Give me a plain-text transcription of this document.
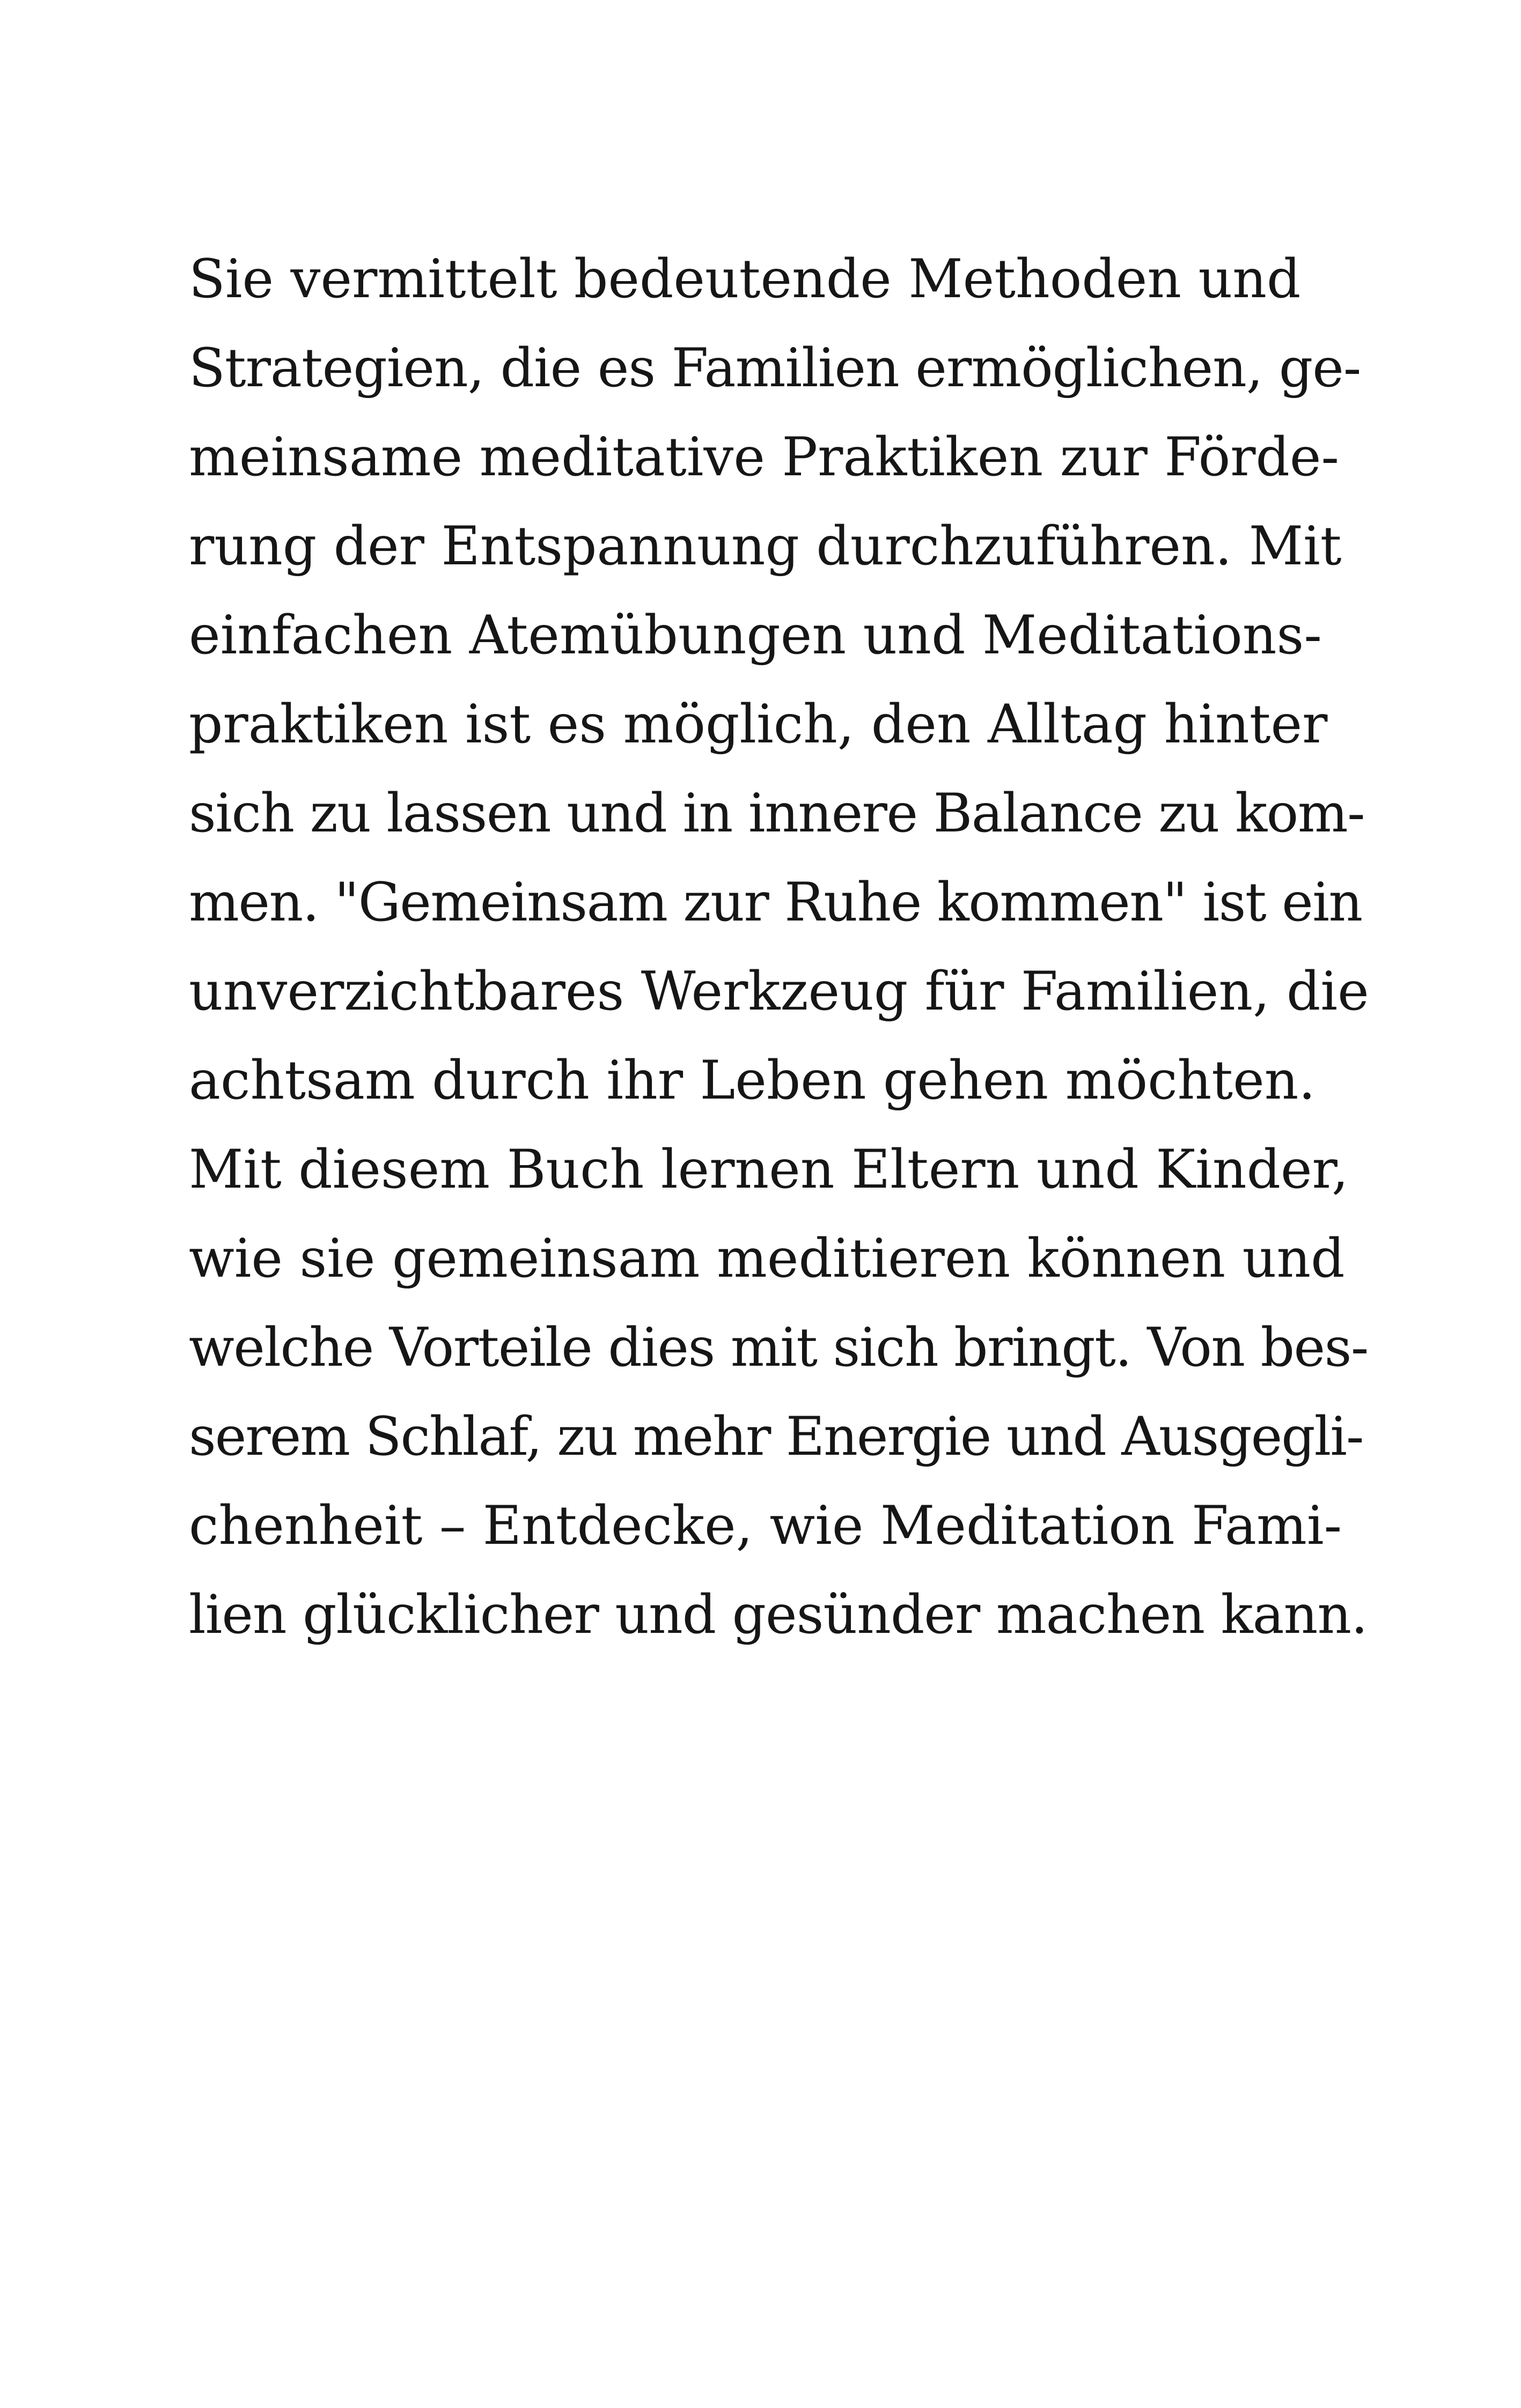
Sie vermittelt bedeutende Methoden und
Strategien, die es Familien ermöglichen, ge-
meinsame meditative Praktiken zur Förde-
rung der Entspannung durchzuführen. Mit
einfachen Atemübungen und Meditations-
praktiken ist es möglich, den Alltag hinter
sich zu lassen und in innere Balance zu kom-
men. "Gemeinsam zur Ruhe kommen" ist ein
unverzichtbares Werkzeug für Familien, die
achtsam durch ihr Leben gehen möchten.
Mit diesem Buch lernen Eltern und Kinder,
wie sie gemeinsam meditieren können und
welche Vorteile dies mit sich bringt. Von bes-
serem Schlaf, zu mehr Energie und Ausgegli-
chenheit – Entdecke, wie Meditation Fami-
lien glücklicher und gesünder machen kann.
